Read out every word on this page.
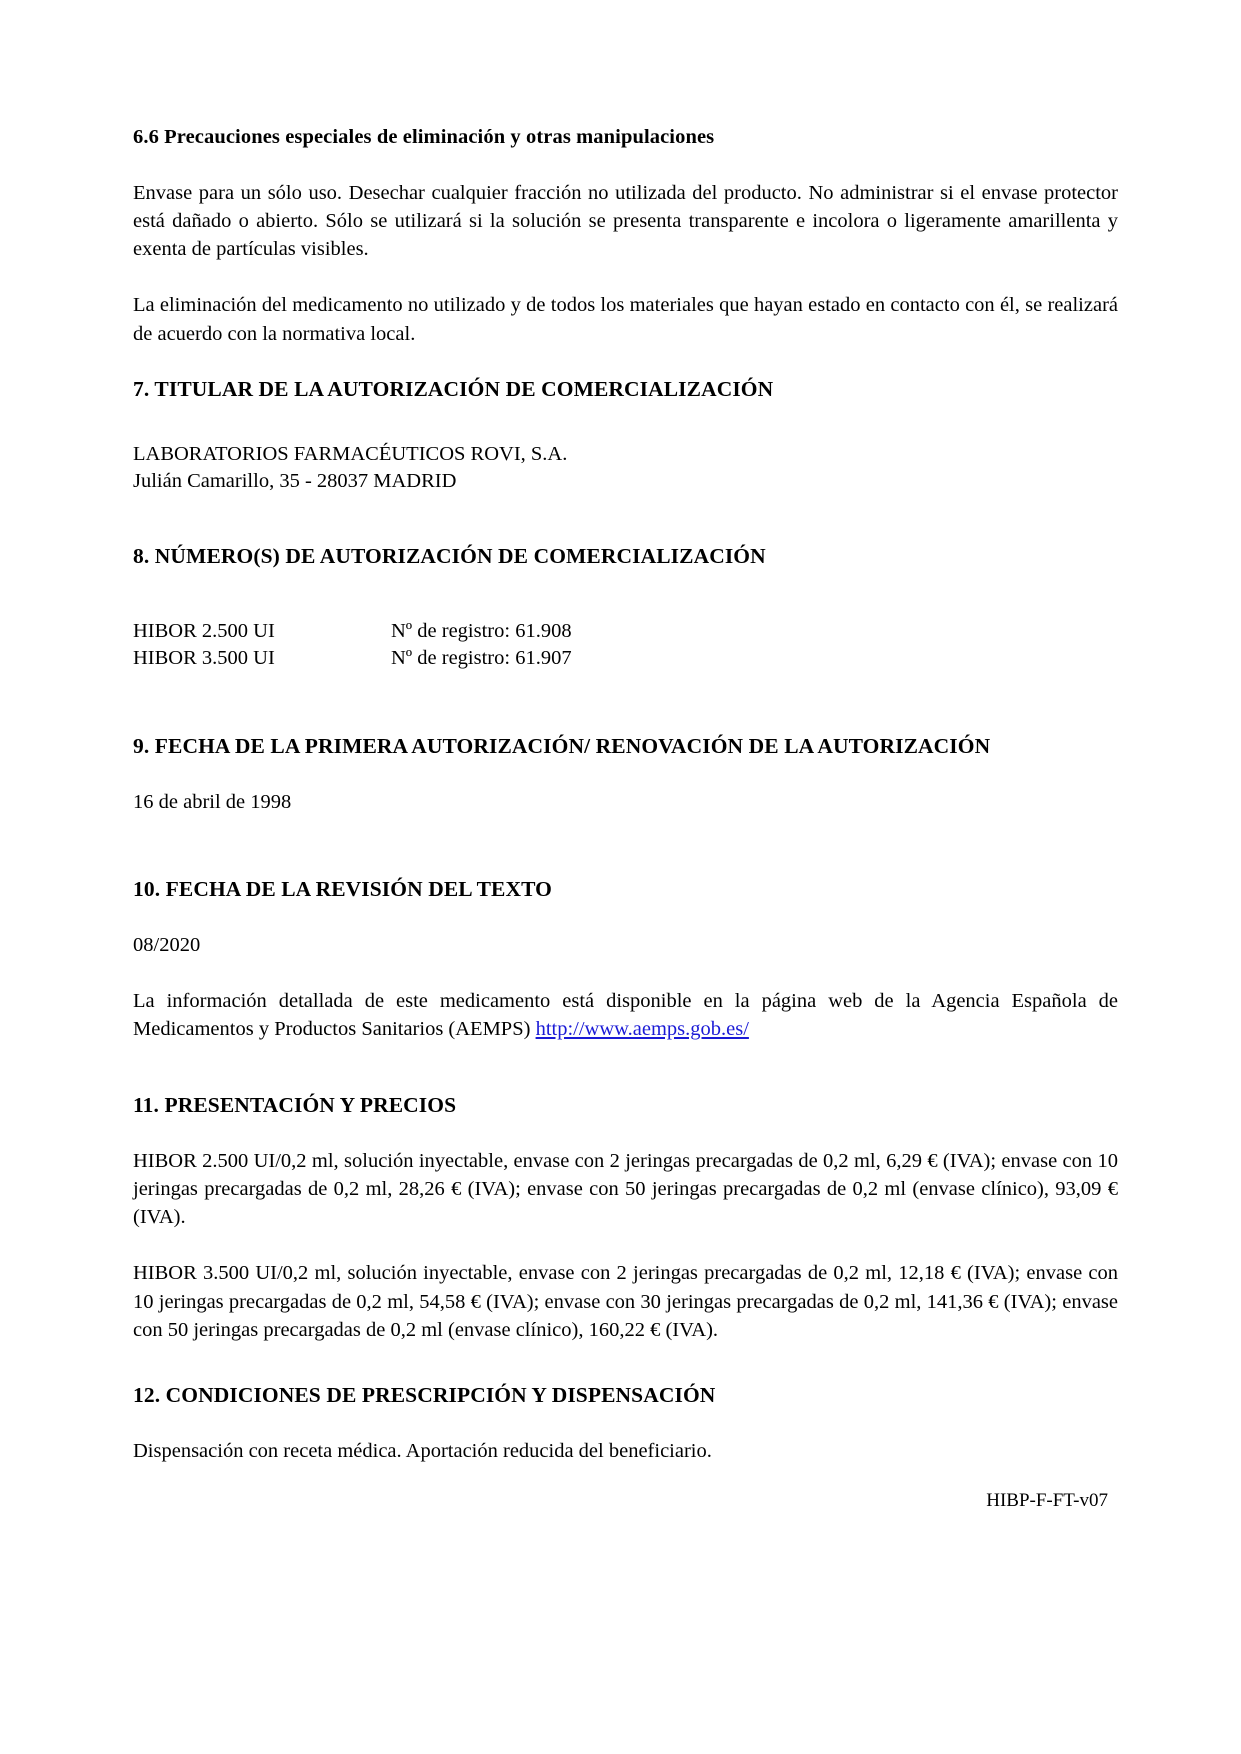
6.6 Precauciones especiales de eliminación y otras manipulaciones

Envase para un sólo uso. Desechar cualquier fracción no utilizada del producto. No administrar si el envase protector está dañado o abierto. Sólo se utilizará si la solución se presenta transparente e incolora o ligeramente amarillenta y exenta de partículas visibles.

La eliminación del medicamento no utilizado y de todos los materiales que hayan estado en contacto con él, se realizará de acuerdo con la normativa local.

7. TITULAR DE LA AUTORIZACIÓN DE COMERCIALIZACIÓN
LABORATORIOS FARMACÉUTICOS ROVI, S.A.
Julián Camarillo, 35 - 28037 MADRID
8. NÚMERO(S) DE AUTORIZACIÓN DE COMERCIALIZACIÓN
HIBOR 2.500 UI	Nº de registro: 61.908
HIBOR 3.500 UI	Nº de registro: 61.907
9. FECHA DE LA PRIMERA AUTORIZACIÓN/ RENOVACIÓN DE LA AUTORIZACIÓN

16 de abril de 1998

10. FECHA DE LA REVISIÓN DEL TEXTO

08/2020

La información detallada de este medicamento está disponible en la página web de la Agencia Española de Medicamentos y Productos Sanitarios (AEMPS) http://www.aemps.gob.es/

11. PRESENTACIÓN Y PRECIOS

HIBOR 2.500 UI/0,2 ml, solución inyectable, envase con 2 jeringas precargadas de 0,2 ml, 6,29 € (IVA); envase con 10 jeringas precargadas de 0,2 ml, 28,26 € (IVA); envase con 50 jeringas precargadas de 0,2 ml (envase clínico), 93,09 € (IVA).

HIBOR 3.500 UI/0,2 ml, solución inyectable, envase con 2 jeringas precargadas de 0,2 ml, 12,18 € (IVA); envase con 10 jeringas precargadas de 0,2 ml, 54,58 € (IVA); envase con 30 jeringas precargadas de 0,2 ml, 141,36 € (IVA); envase con 50 jeringas precargadas de 0,2 ml (envase clínico), 160,22 € (IVA).

12. CONDICIONES DE PRESCRIPCIÓN Y DISPENSACIÓN

Dispensación con receta médica. Aportación reducida del beneficiario.

HIBP-F-FT-v07
